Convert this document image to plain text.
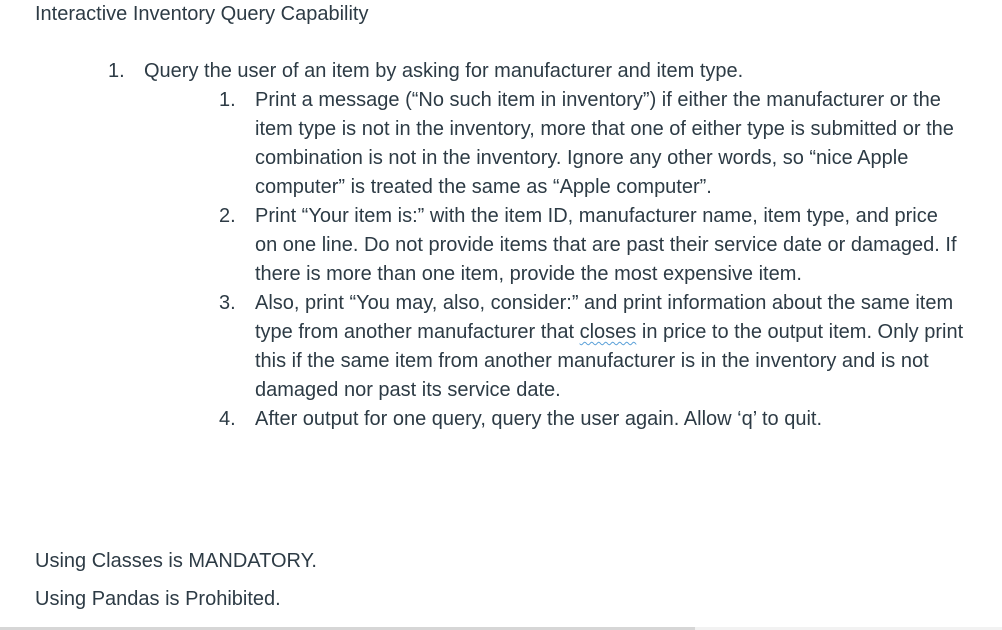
Interactive Inventory Query Capability
1. Query the user of an item by asking for manufacturer and item type.
1. Print a message (“No such item in inventory”) if either the manufacturer or the item type is not in the inventory, more that one of either type is submitted or the combination is not in the inventory. Ignore any other words, so “nice Apple computer” is treated the same as “Apple computer”.
2. Print “Your item is:” with the item ID, manufacturer name, item type, and price on one line. Do not provide items that are past their service date or damaged. If there is more than one item, provide the most expensive item.
3. Also, print “You may, also, consider:” and print information about the same item type from another manufacturer that closes in price to the output item. Only print this if the same item from another manufacturer is in the inventory and is not damaged nor past its service date.
4. After output for one query, query the user again. Allow ‘q’ to quit.

Using Classes is MANDATORY.

Using Pandas is Prohibited.
